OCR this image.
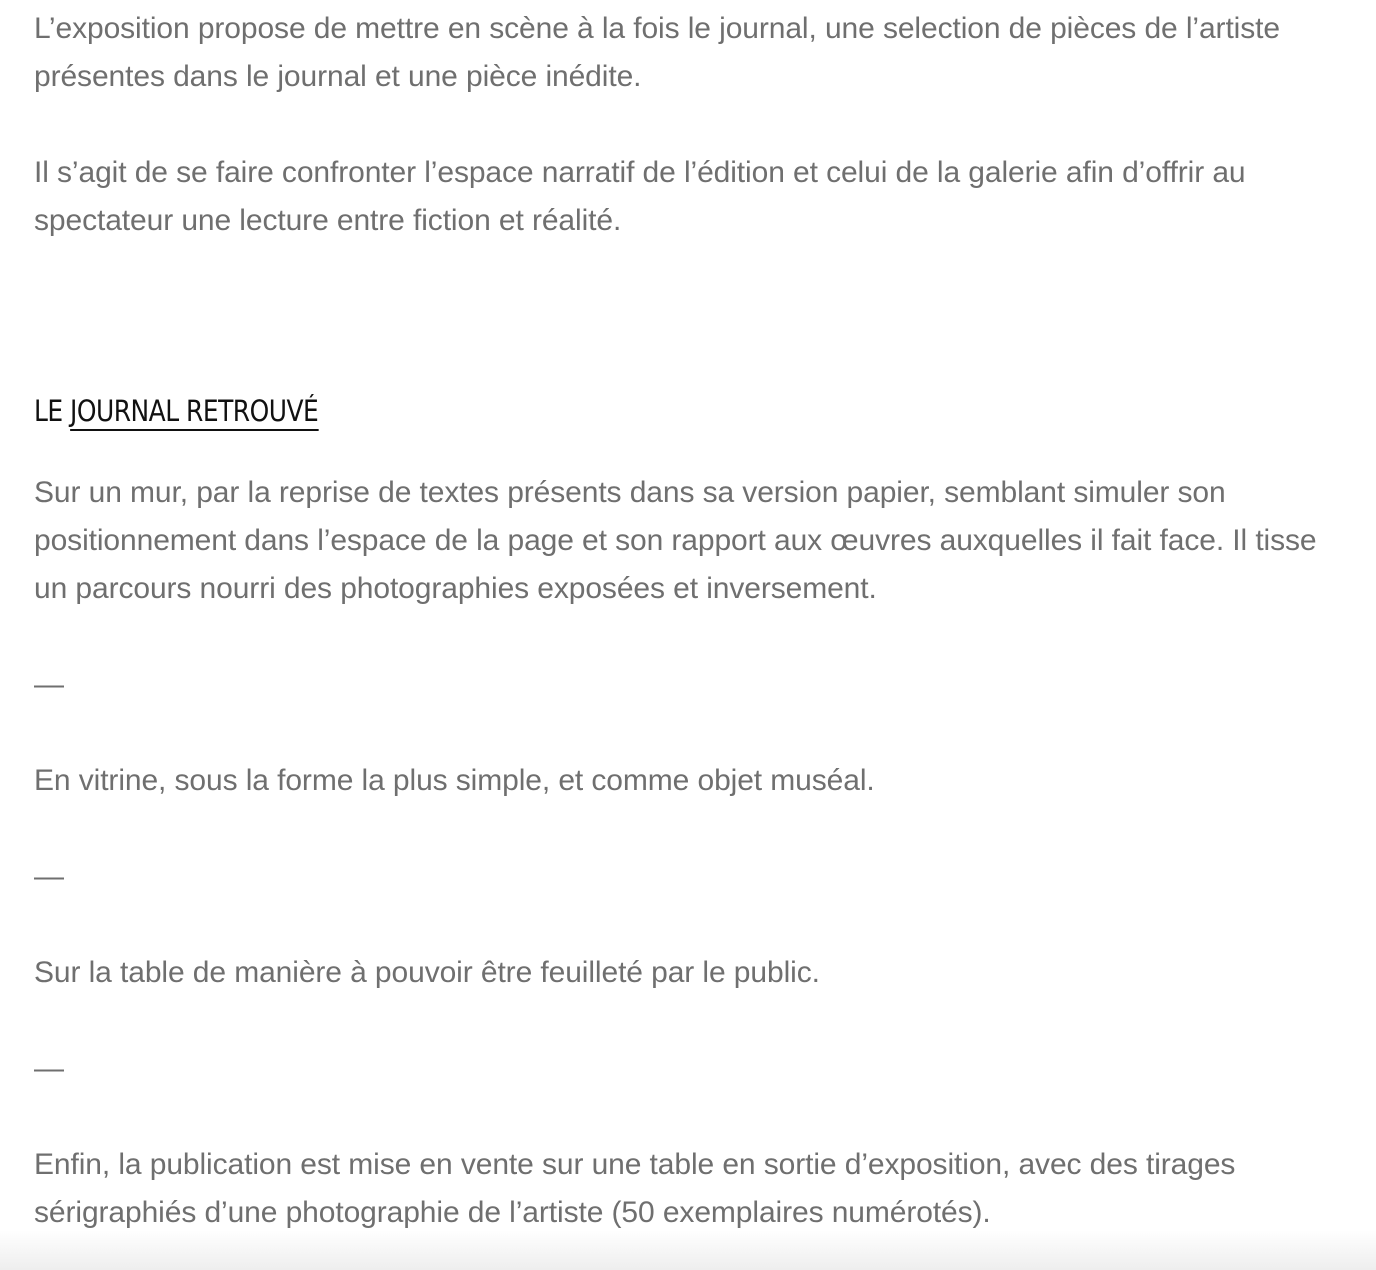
L’exposition propose de mettre en scène à la fois le journal, une selection de pièces de l’artiste présentes dans le journal et une pièce inédite.

Il s’agit de se faire confronter l’espace narratif de l’édition et celui de la galerie afin d’offrir au spectateur une lecture entre fiction et réalité.

LE JOURNAL RETROUVÉ

Sur un mur, par la reprise de textes présents dans sa version papier, semblant simuler son positionnement dans l’espace de la page et son rapport aux œuvres auxquelles il fait face. Il tisse un parcours nourri des photographies exposées et inversement.

—

En vitrine, sous la forme la plus simple, et comme objet muséal.

—

Sur la table de manière à pouvoir être feuilleté par le public.

—

Enfin, la publication est mise en vente sur une table en sortie d’exposition, avec des tirages sérigraphiés d’une photographie de l’artiste (50 exemplaires numérotés).
